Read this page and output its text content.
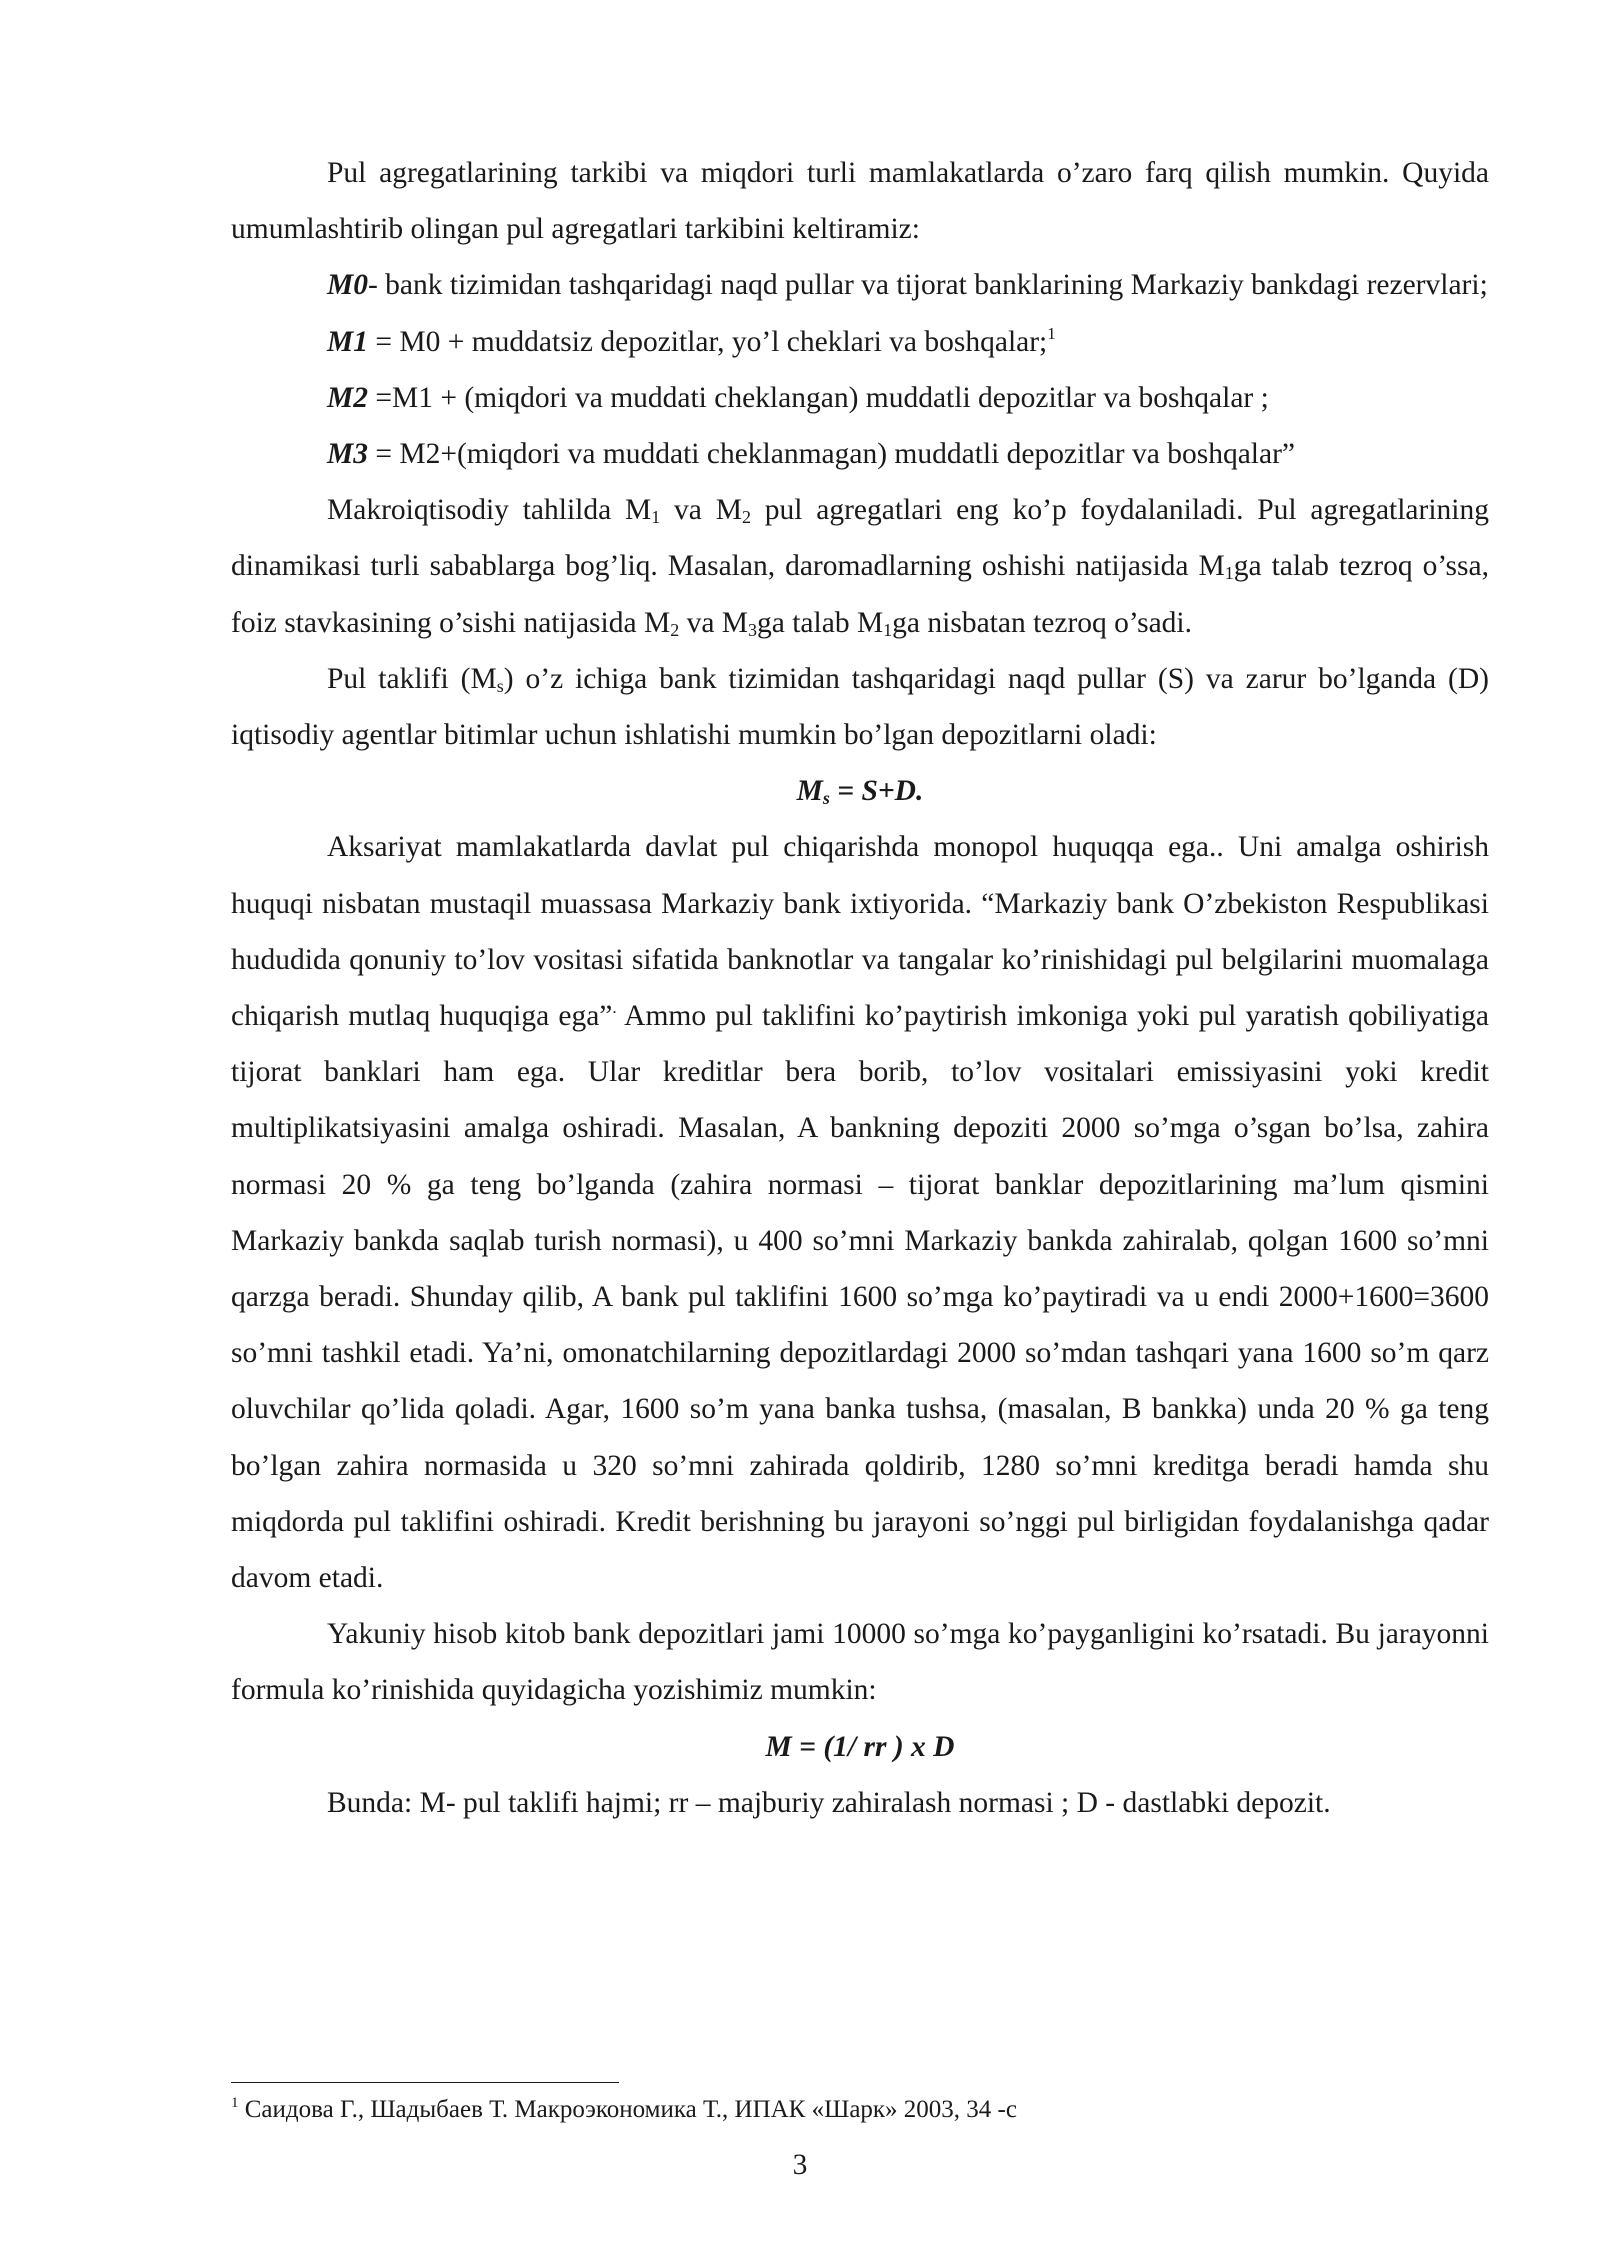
Pul agregatlarining tarkibi va miqdori turli mamlakatlarda o’zaro farq qilish mumkin. Quyida umumlashtirib olingan pul agregatlari tarkibini keltiramiz:

M0- bank tizimidan tashqaridagi naqd pullar va tijorat banklarining Markaziy bankdagi rezervlari;

M1 = M0 + muddatsiz depozitlar, yo’l cheklari va boshqalar;$^1$

M2 =M1 + (miqdori va muddati cheklangan) muddatli depozitlar va boshqalar ;

M3 = M2+(miqdori va muddati cheklanmagan) muddatli depozitlar va boshqalar”

Makroiqtisodiy tahlilda $M_1$ va $M_2$ pul agregatlari eng ko’p foydalaniladi. Pul agregatlarining dinamikasi turli sabablarga bog’liq. Masalan, daromadlarning oshishi natijasida $M_1ga$ talab tezroq o’ssa, foiz stavkasining o’sishi natijasida $M_2$ va $M_3ga$ talab $M_1ga$ nisbatan tezroq o’sadi.

Pul taklifi $(M_s)$ o’z ichiga bank tizimidan tashqaridagi naqd pullar (S) va zarur bo’lganda (D) iqtisodiy agentlar bitimlar uchun ishlatishi mumkin bo’lgan depozitlarni oladi:

$M_s = S+D$.

Aksariyat mamlakatlarda davlat pul chiqarishda monopol huquqqa ega.. Uni amalga oshirish huquqi nisbatan mustaqil muassasa Markaziy bank ixtiyorida. “Markaziy bank O’zbekiston Respublikasi hududida qonuniy to’lov vositasi sifatida banknotlar va tangalar ko’rinishidagi pul belgilarini muomalaga chiqarish mutlaq huquqiga ega”. Ammo pul taklifini ko’paytirish imkoniga yoki pul yaratish qobiliyatiga tijorat banklari ham ega. Ular kreditlar bera borib, to’lov vositalari emissiyasini yoki kredit multiplikatsiyasini amalga oshiradi. Masalan, A bankning depoziti 2000 so’mga o’sgan bo’lsa, zahira normasi 20 % ga teng bo’lganda (zahira normasi – tijorat banklar depozitlarining ma’lum qismini Markaziy bankda saqlab turish normasi), u 400 so’mni Markaziy bankda zahiralab, qolgan 1600 so’mni qarzga beradi. Shunday qilib, A bank pul taklifini 1600 so’mga ko’paytiradi va u endi 2000+1600=3600 so’mni tashkil etadi. Ya’ni, omonatchilarning depozitlardagi 2000 so’mdan tashqari yana 1600 so’m qarz oluvchilar qo’lida qoladi. Agar, 1600 so’m yana banka tushsa, (masalan, B bankka) unda 20 % ga teng bo’lgan zahira normasida u 320 so’mni zahirada qoldirib, 1280 so’mni kreditga beradi hamda shu miqdorda pul taklifini oshiradi. Kredit berishning bu jarayoni so’nggi pul birligidan foydalanishga qadar davom etadi.

Yakuniy hisob kitob bank depozitlari jami 10000 so’mga ko’payganligini ko’rsatadi. Bu jarayonni formula ko’rinishida quyidagicha yozishimiz mumkin:

M = (1/ rr ) x D

Bunda: M- pul taklifi hajmi; rr – majburiy zahiralash normasi ; D - dastlabki depozit.

$^1$ Саидова Г., Шадыбаев Т. Макроэкономика Т., ИПАК «Шарк» 2003, 34 -с
3
